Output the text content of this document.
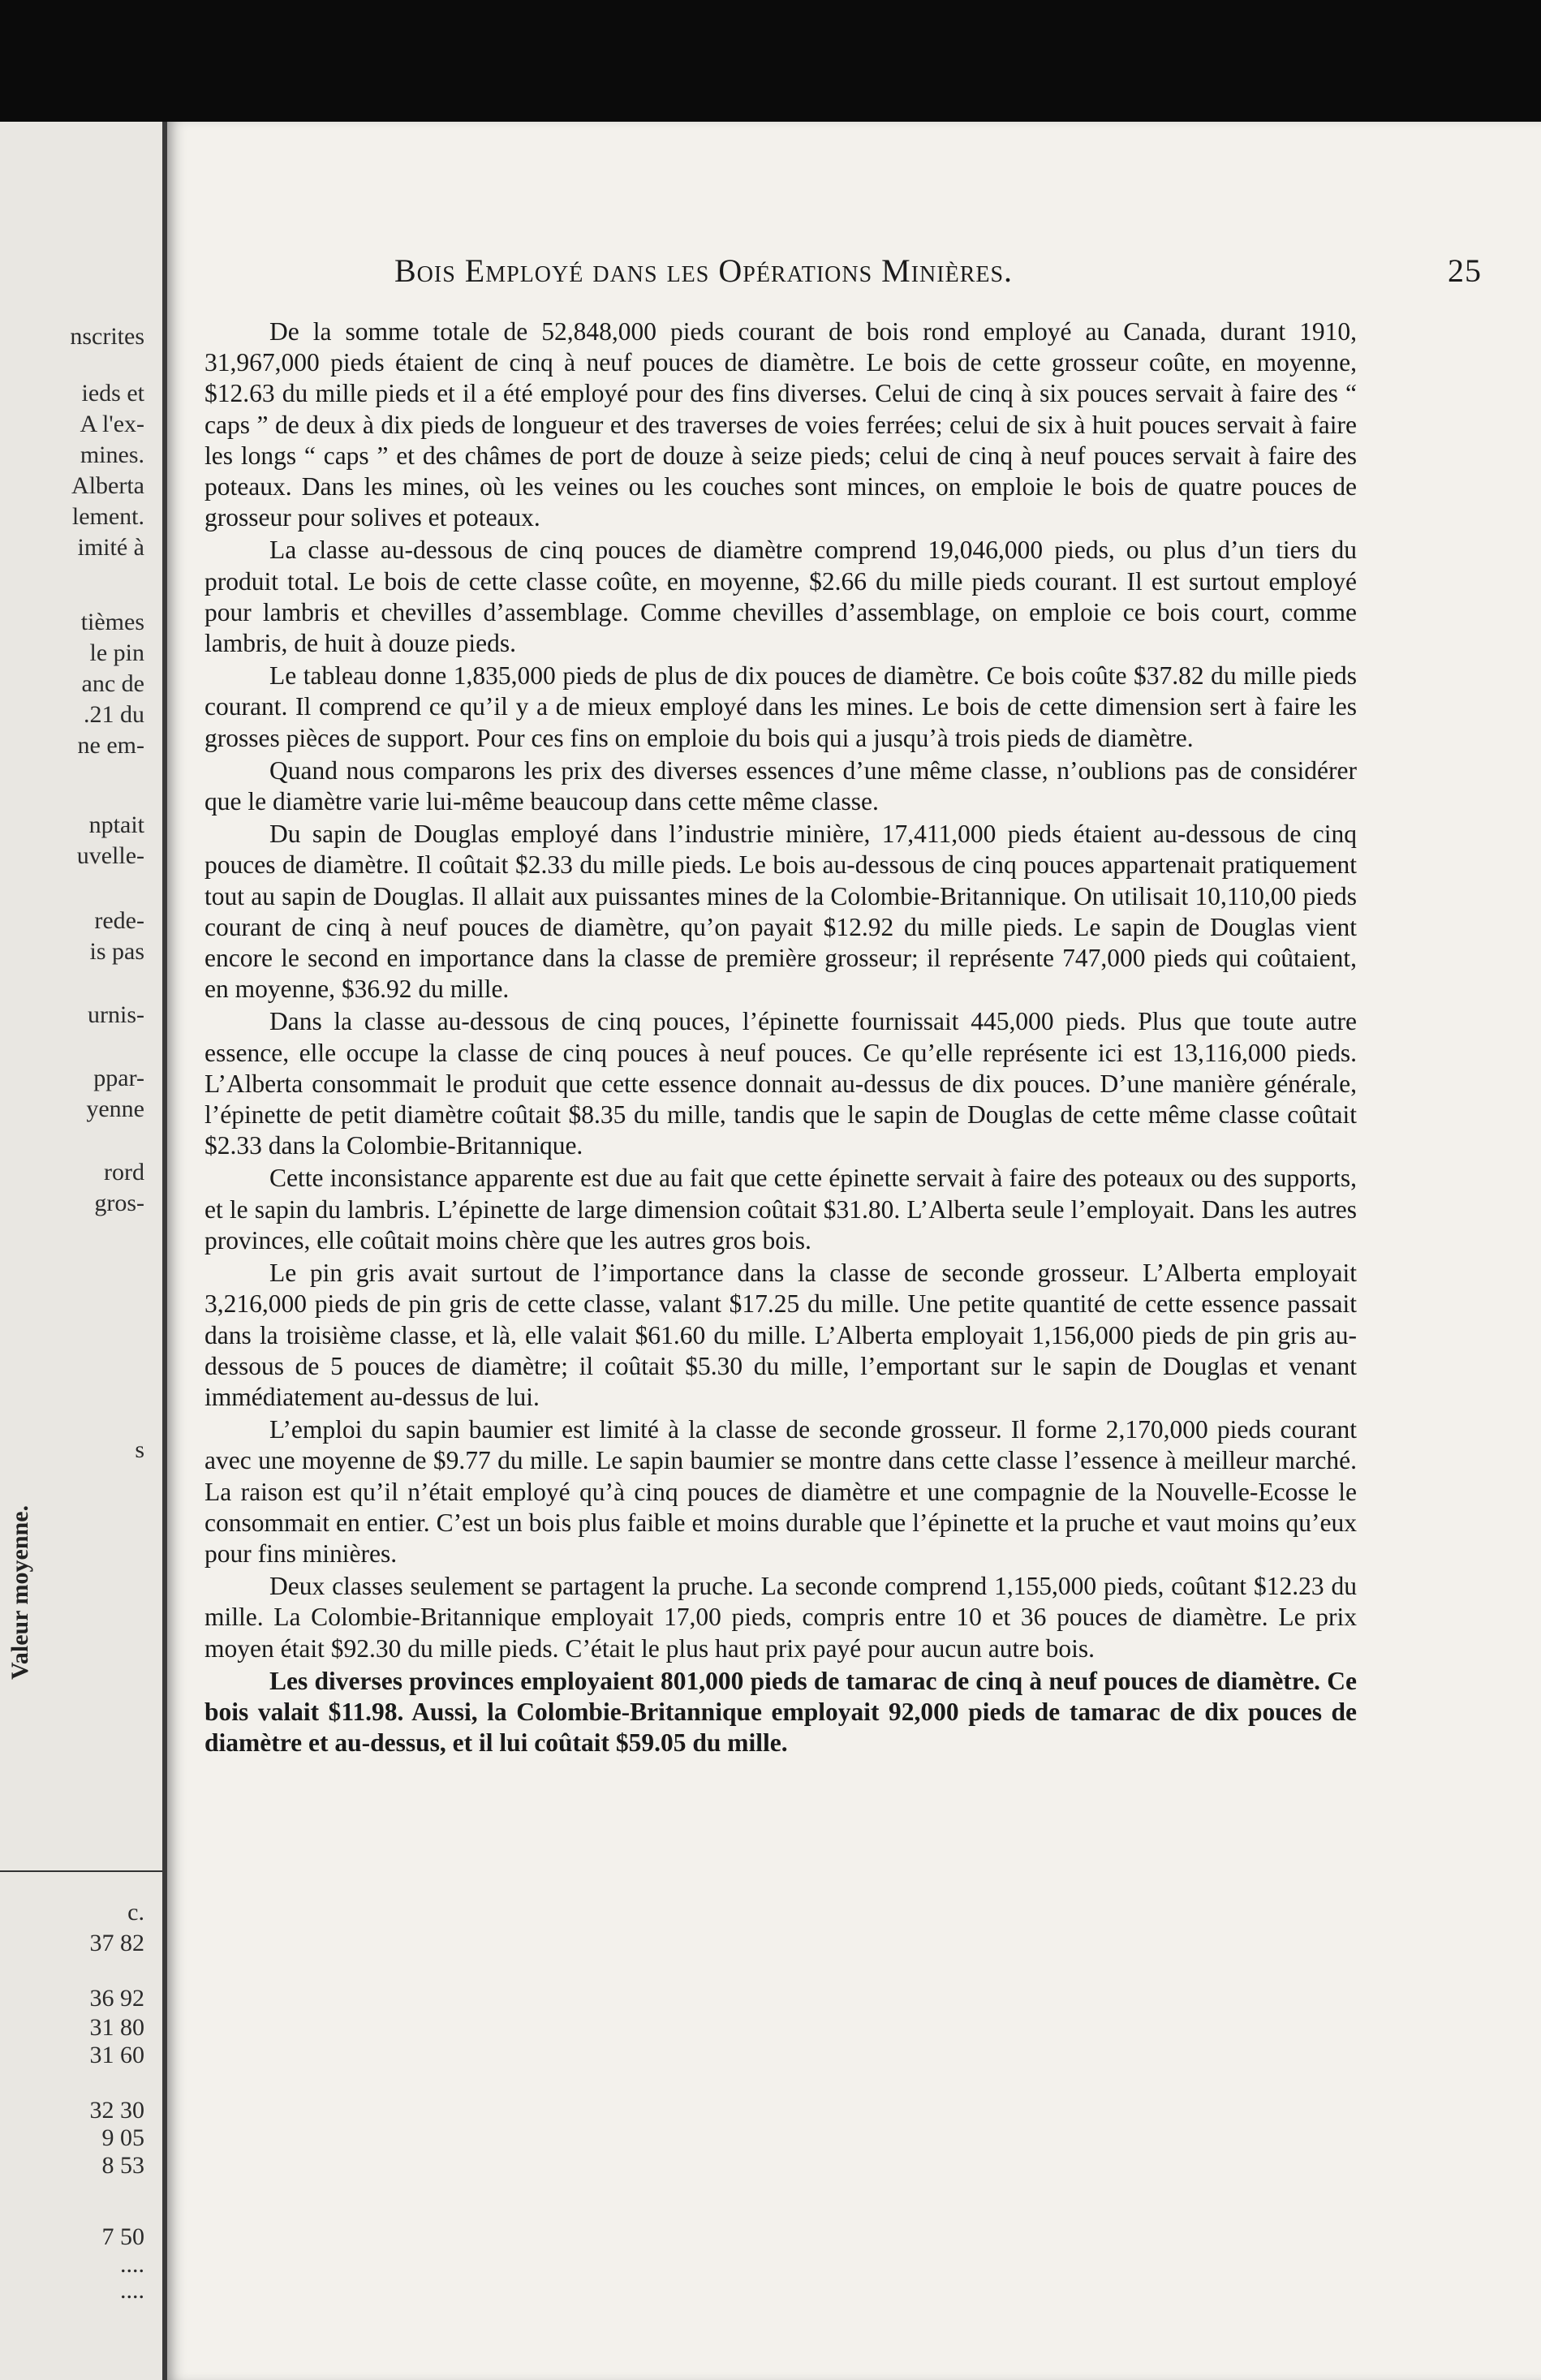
nscrites

ieds et

A l'ex-

mines.

Alberta

lement.

imité à

tièmes

le pin

anc de

.21 du

ne em-

nptait

uvelle-

rede-

is pas

urnis-

ppar-

yenne

rord

gros-

s

Valeur moyenne.

c.

37 82

36 92

31 80

31 60

32 30

9 05

8 53

7 50

....

....

Bois Employé dans les Opérations Minières.	25

De la somme totale de 52,848,000 pieds courant de bois rond employé au Canada, durant 1910, 31,967,000 pieds étaient de cinq à neuf pouces de diamètre. Le bois de cette grosseur coûte, en moyenne, $12.63 du mille pieds et il a été employé pour des fins diverses. Celui de cinq à six pouces servait à faire des “ caps ” de deux à dix pieds de longueur et des traverses de voies ferrées; celui de six à huit pouces servait à faire les longs “ caps ” et des châmes de port de douze à seize pieds; celui de cinq à neuf pouces servait à faire des poteaux. Dans les mines, où les veines ou les couches sont minces, on emploie le bois de quatre pouces de grosseur pour solives et poteaux.

La classe au-dessous de cinq pouces de diamètre comprend 19,046,000 pieds, ou plus d’un tiers du produit total. Le bois de cette classe coûte, en moyenne, $2.66 du mille pieds courant. Il est surtout employé pour lambris et chevilles d’assemblage. Comme chevilles d’assemblage, on emploie ce bois court, comme lambris, de huit à douze pieds.

Le tableau donne 1,835,000 pieds de plus de dix pouces de diamètre. Ce bois coûte $37.82 du mille pieds courant. Il comprend ce qu’il y a de mieux employé dans les mines. Le bois de cette dimension sert à faire les grosses pièces de support. Pour ces fins on emploie du bois qui a jusqu’à trois pieds de diamètre.

Quand nous comparons les prix des diverses essences d’une même classe, n’oublions pas de considérer que le diamètre varie lui-même beaucoup dans cette même classe.

Du sapin de Douglas employé dans l’industrie minière, 17,411,000 pieds étaient au-dessous de cinq pouces de diamètre. Il coûtait $2.33 du mille pieds. Le bois au-dessous de cinq pouces appartenait pratiquement tout au sapin de Douglas. Il allait aux puissantes mines de la Colombie-Britannique. On utilisait 10,110,00 pieds courant de cinq à neuf pouces de diamètre, qu’on payait $12.92 du mille pieds. Le sapin de Douglas vient encore le second en importance dans la classe de première grosseur; il représente 747,000 pieds qui coûtaient, en moyenne, $36.92 du mille.

Dans la classe au-dessous de cinq pouces, l’épinette fournissait 445,000 pieds. Plus que toute autre essence, elle occupe la classe de cinq pouces à neuf pouces. Ce qu’elle représente ici est 13,116,000 pieds. L’Alberta consommait le produit que cette essence donnait au-dessus de dix pouces. D’une manière générale, l’épinette de petit diamètre coûtait $8.35 du mille, tandis que le sapin de Douglas de cette même classe coûtait $2.33 dans la Colombie-Britannique.

Cette inconsistance apparente est due au fait que cette épinette servait à faire des poteaux ou des supports, et le sapin du lambris. L’épinette de large dimension coûtait $31.80. L’Alberta seule l’employait. Dans les autres provinces, elle coûtait moins chère que les autres gros bois.

Le pin gris avait surtout de l’importance dans la classe de seconde grosseur. L’Alberta employait 3,216,000 pieds de pin gris de cette classe, valant $17.25 du mille. Une petite quantité de cette essence passait dans la troisième classe, et là, elle valait $61.60 du mille. L’Alberta employait 1,156,000 pieds de pin gris au-dessous de 5 pouces de diamètre; il coûtait $5.30 du mille, l’emportant sur le sapin de Douglas et venant immédiatement au-dessus de lui.

L’emploi du sapin baumier est limité à la classe de seconde grosseur. Il forme 2,170,000 pieds courant avec une moyenne de $9.77 du mille. Le sapin baumier se montre dans cette classe l’essence à meilleur marché. La raison est qu’il n’était employé qu’à cinq pouces de diamètre et une compagnie de la Nouvelle-Ecosse le consommait en entier. C’est un bois plus faible et moins durable que l’épinette et la pruche et vaut moins qu’eux pour fins minières.

Deux classes seulement se partagent la pruche. La seconde comprend 1,155,000 pieds, coûtant $12.23 du mille. La Colombie-Britannique employait 17,00 pieds, compris entre 10 et 36 pouces de diamètre. Le prix moyen était $92.30 du mille pieds. C’était le plus haut prix payé pour aucun autre bois.

Les diverses provinces employaient 801,000 pieds de tamarac de cinq à neuf pouces de diamètre. Ce bois valait $11.98. Aussi, la Colombie-Britannique employait 92,000 pieds de tamarac de dix pouces de diamètre et au-dessus, et il lui coûtait $59.05 du mille.
